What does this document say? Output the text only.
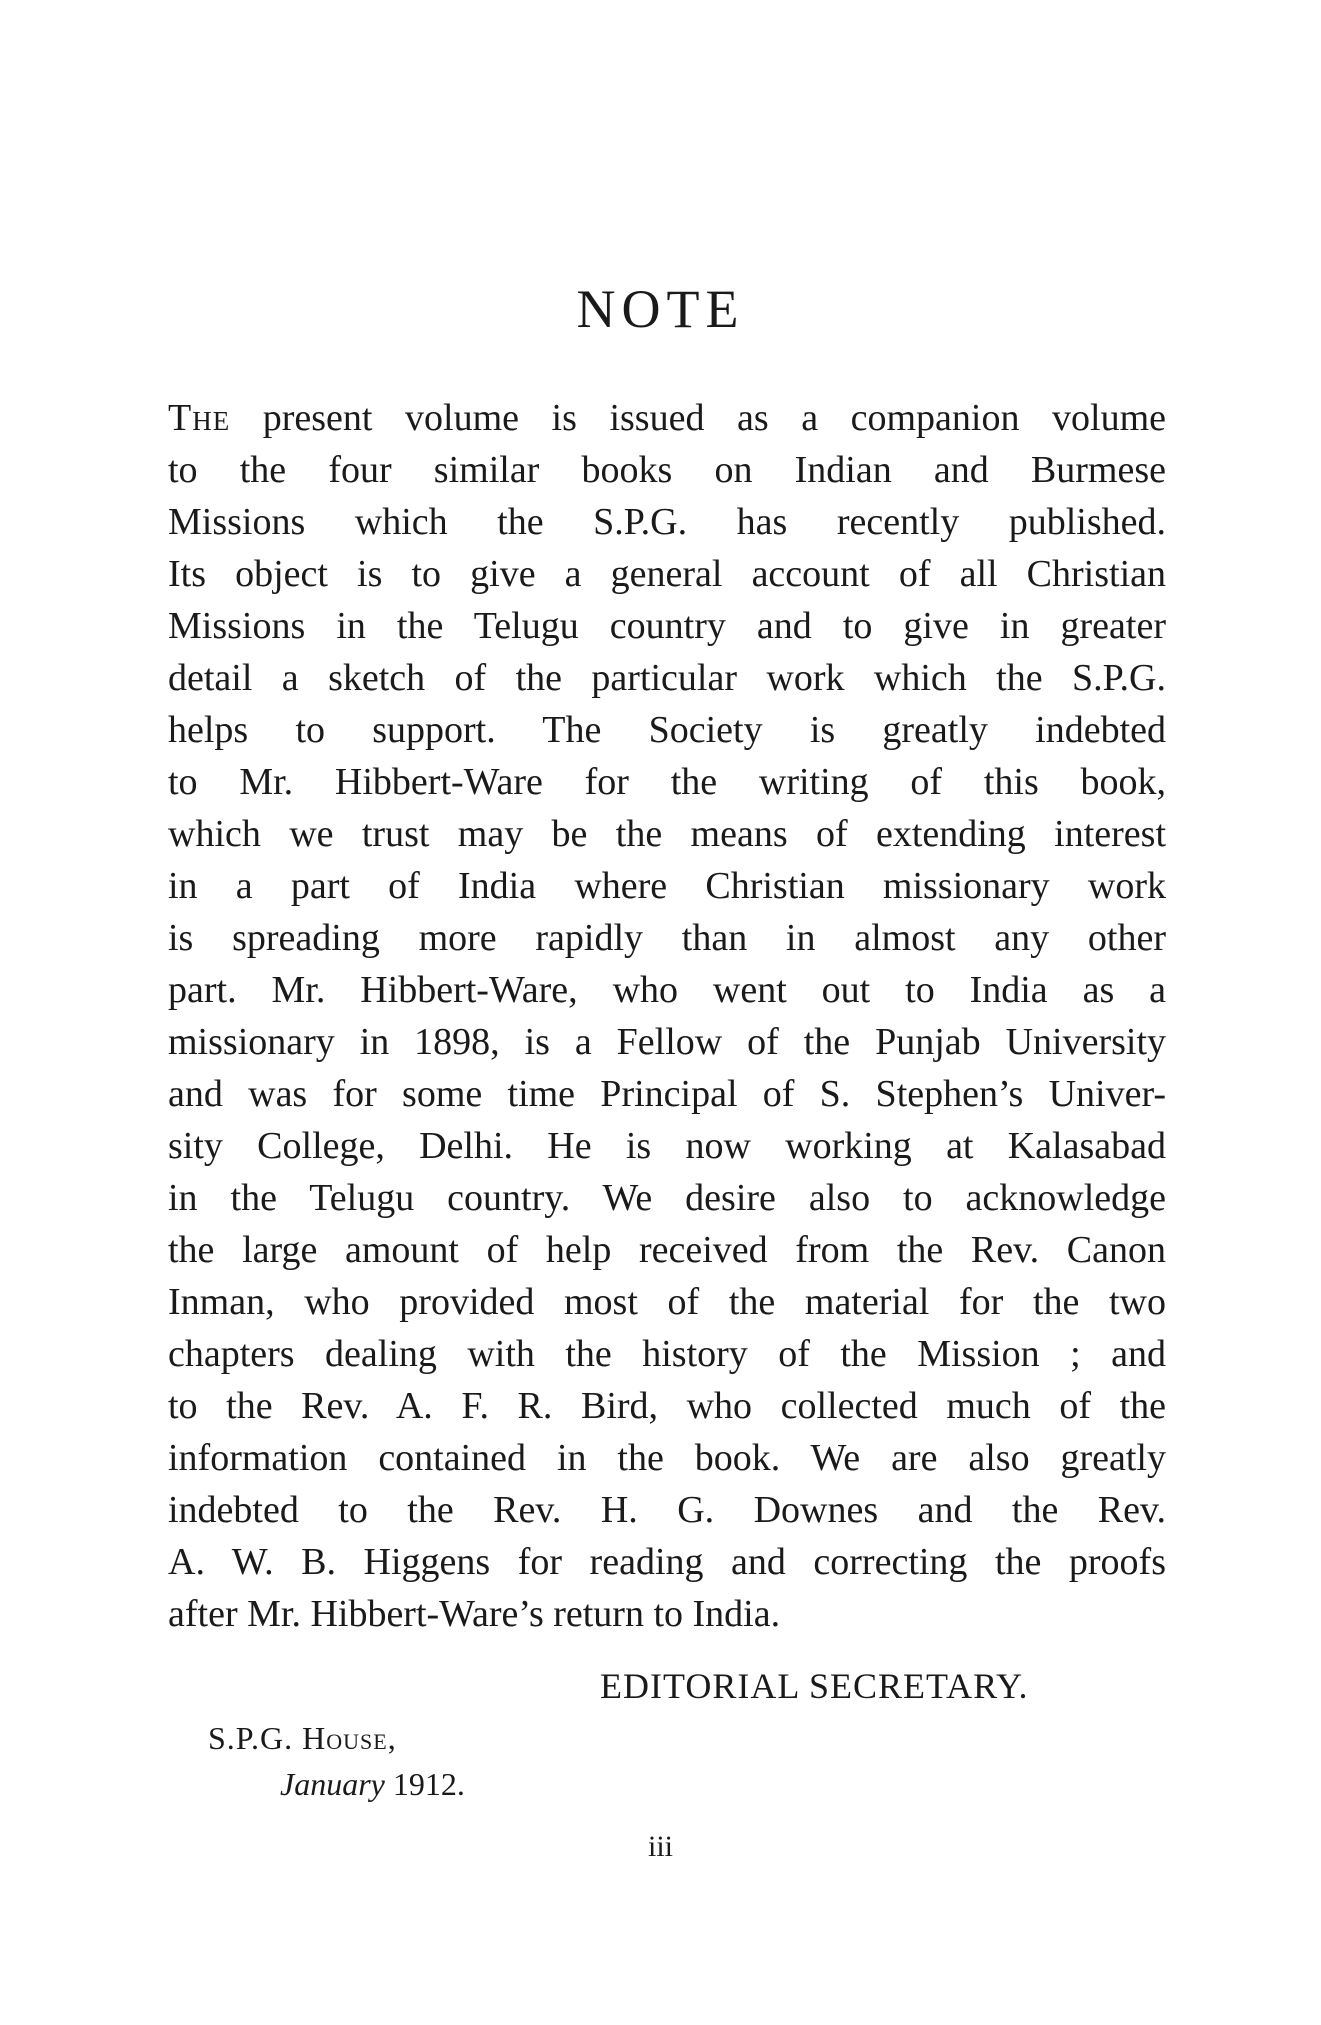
NOTE
The present volume is issued as a companion volume
to the four similar books on Indian and Burmese
Missions which the S.P.G. has recently published.
Its object is to give a general account of all Christian
Missions in the Telugu country and to give in greater
detail a sketch of the particular work which the S.P.G.
helps to support. The Society is greatly indebted
to Mr. Hibbert-Ware for the writing of this book,
which we trust may be the means of extending interest
in a part of India where Christian missionary work
is spreading more rapidly than in almost any other
part. Mr. Hibbert-Ware, who went out to India as a
missionary in 1898, is a Fellow of the Punjab University
and was for some time Principal of S. Stephen’s Univer-
sity College, Delhi. He is now working at Kalasabad
in the Telugu country. We desire also to acknowledge
the large amount of help received from the Rev. Canon
Inman, who provided most of the material for the two
chapters dealing with the history of the Mission ; and
to the Rev. A. F. R. Bird, who collected much of the
information contained in the book. We are also greatly
indebted to the Rev. H. G. Downes and the Rev.
A. W. B. Higgens for reading and correcting the proofs
after Mr. Hibbert-Ware’s return to India.
EDITORIAL SECRETARY.
S.P.G. House,
January 1912.
iii
